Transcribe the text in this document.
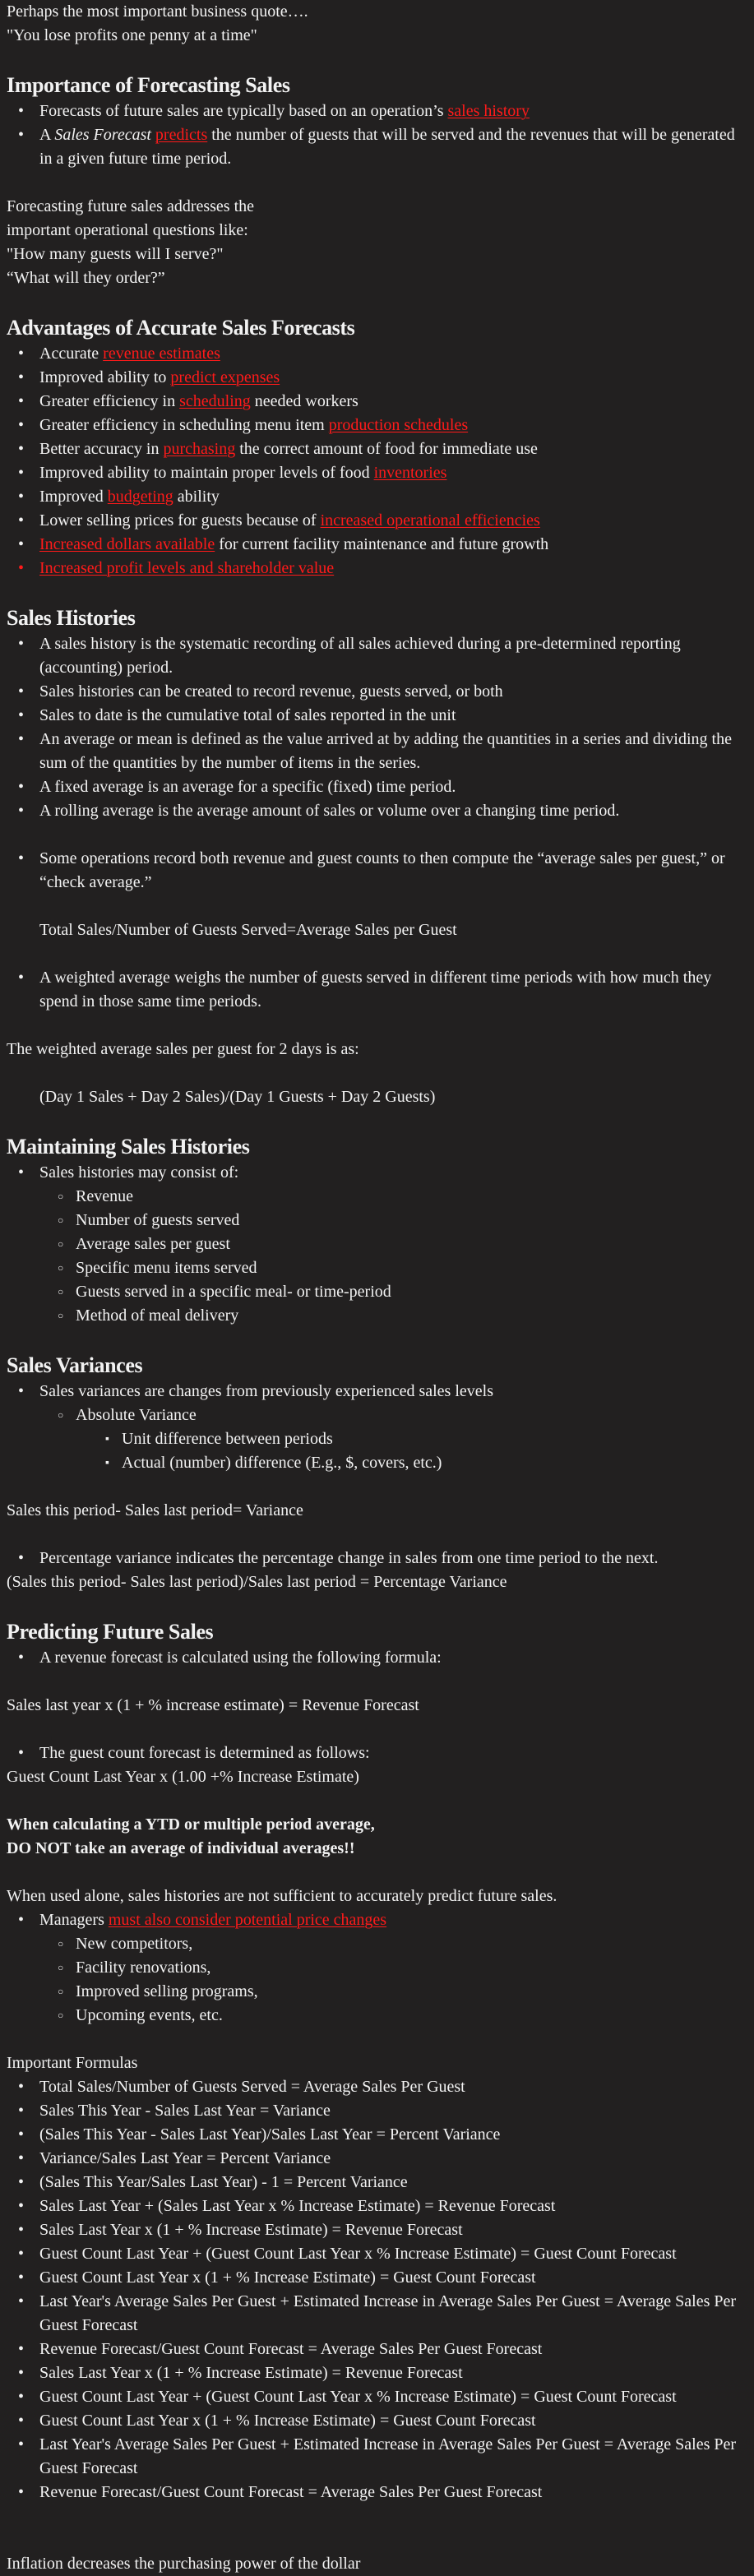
Perhaps the most important business quote….

"You lose profits one penny at a time"

Importance of Forecasting Sales
• Forecasts of future sales are typically based on an operation’s sales history
• A Sales Forecast predicts the number of guests that will be served and the revenues that will be generated in a given future time period.

Forecasting future sales addresses the

important operational questions like:

"How many guests will I serve?"

“What will they order?”

Advantages of Accurate Sales Forecasts
• Accurate revenue estimates
• Improved ability to predict expenses
• Greater efficiency in scheduling needed workers
• Greater efficiency in scheduling menu item production schedules
• Better accuracy in purchasing the correct amount of food for immediate use
• Improved ability to maintain proper levels of food inventories
• Improved budgeting ability
• Lower selling prices for guests because of increased operational efficiencies
• Increased dollars available for current facility maintenance and future growth
• Increased profit levels and shareholder value
Sales Histories
• A sales history is the systematic recording of all sales achieved during a pre-determined reporting (accounting) period.
• Sales histories can be created to record revenue, guests served, or both
• Sales to date is the cumulative total of sales reported in the unit
• An average or mean is defined as the value arrived at by adding the quantities in a series and dividing the sum of the quantities by the number of items in the series.
• A fixed average is an average for a specific (fixed) time period.
• A rolling average is the average amount of sales or volume over a changing time period.
• Some operations record both revenue and guest counts to then compute the “average sales per guest,” or “check average.”

Total Sales/Number of Guests Served=Average Sales per Guest

• A weighted average weighs the number of guests served in different time periods with how much they spend in those same time periods.

The weighted average sales per guest for 2 days is as:

(Day 1 Sales + Day 2 Sales)/(Day 1 Guests + Day 2 Guests)

Maintaining Sales Histories
• Sales histories may consist of:
○ Revenue
○ Number of guests served
○ Average sales per guest
○ Specific menu items served
○ Guests served in a specific meal- or time-period
○ Method of meal delivery
Sales Variances
• Sales variances are changes from previously experienced sales levels
○ Absolute Variance
▪ Unit difference between periods
▪ Actual (number) difference (E.g., $, covers, etc.)

Sales this period- Sales last period= Variance

• Percentage variance indicates the percentage change in sales from one time period to the next.

(Sales this period- Sales last period)/Sales last period = Percentage Variance

Predicting Future Sales
• A revenue forecast is calculated using the following formula:

Sales last year x (1 + % increase estimate) = Revenue Forecast

• The guest count forecast is determined as follows:

Guest Count Last Year x (1.00 +% Increase Estimate)

When calculating a YTD or multiple period average,

DO NOT take an average of individual averages!!

When used alone, sales histories are not sufficient to accurately predict future sales.

• Managers must also consider potential price changes
○ New competitors,
○ Facility renovations,
○ Improved selling programs,
○ Upcoming events, etc.

Important Formulas

• Total Sales/Number of Guests Served = Average Sales Per Guest
• Sales This Year - Sales Last Year = Variance
• (Sales This Year - Sales Last Year)/Sales Last Year = Percent Variance
• Variance/Sales Last Year = Percent Variance
• (Sales This Year/Sales Last Year) - 1 = Percent Variance
• Sales Last Year + (Sales Last Year x % Increase Estimate) = Revenue Forecast
• Sales Last Year x (1 + % Increase Estimate) = Revenue Forecast
• Guest Count Last Year + (Guest Count Last Year x % Increase Estimate) = Guest Count Forecast
• Guest Count Last Year x (1 + % Increase Estimate) = Guest Count Forecast
• Last Year's Average Sales Per Guest + Estimated Increase in Average Sales Per Guest = Average Sales Per Guest Forecast
• Revenue Forecast/Guest Count Forecast = Average Sales Per Guest Forecast
• Sales Last Year x (1 + % Increase Estimate) = Revenue Forecast
• Guest Count Last Year + (Guest Count Last Year x % Increase Estimate) = Guest Count Forecast
• Guest Count Last Year x (1 + % Increase Estimate) = Guest Count Forecast
• Last Year's Average Sales Per Guest + Estimated Increase in Average Sales Per Guest = Average Sales Per Guest Forecast
• Revenue Forecast/Guest Count Forecast = Average Sales Per Guest Forecast

Inflation decreases the purchasing power of the dollar
